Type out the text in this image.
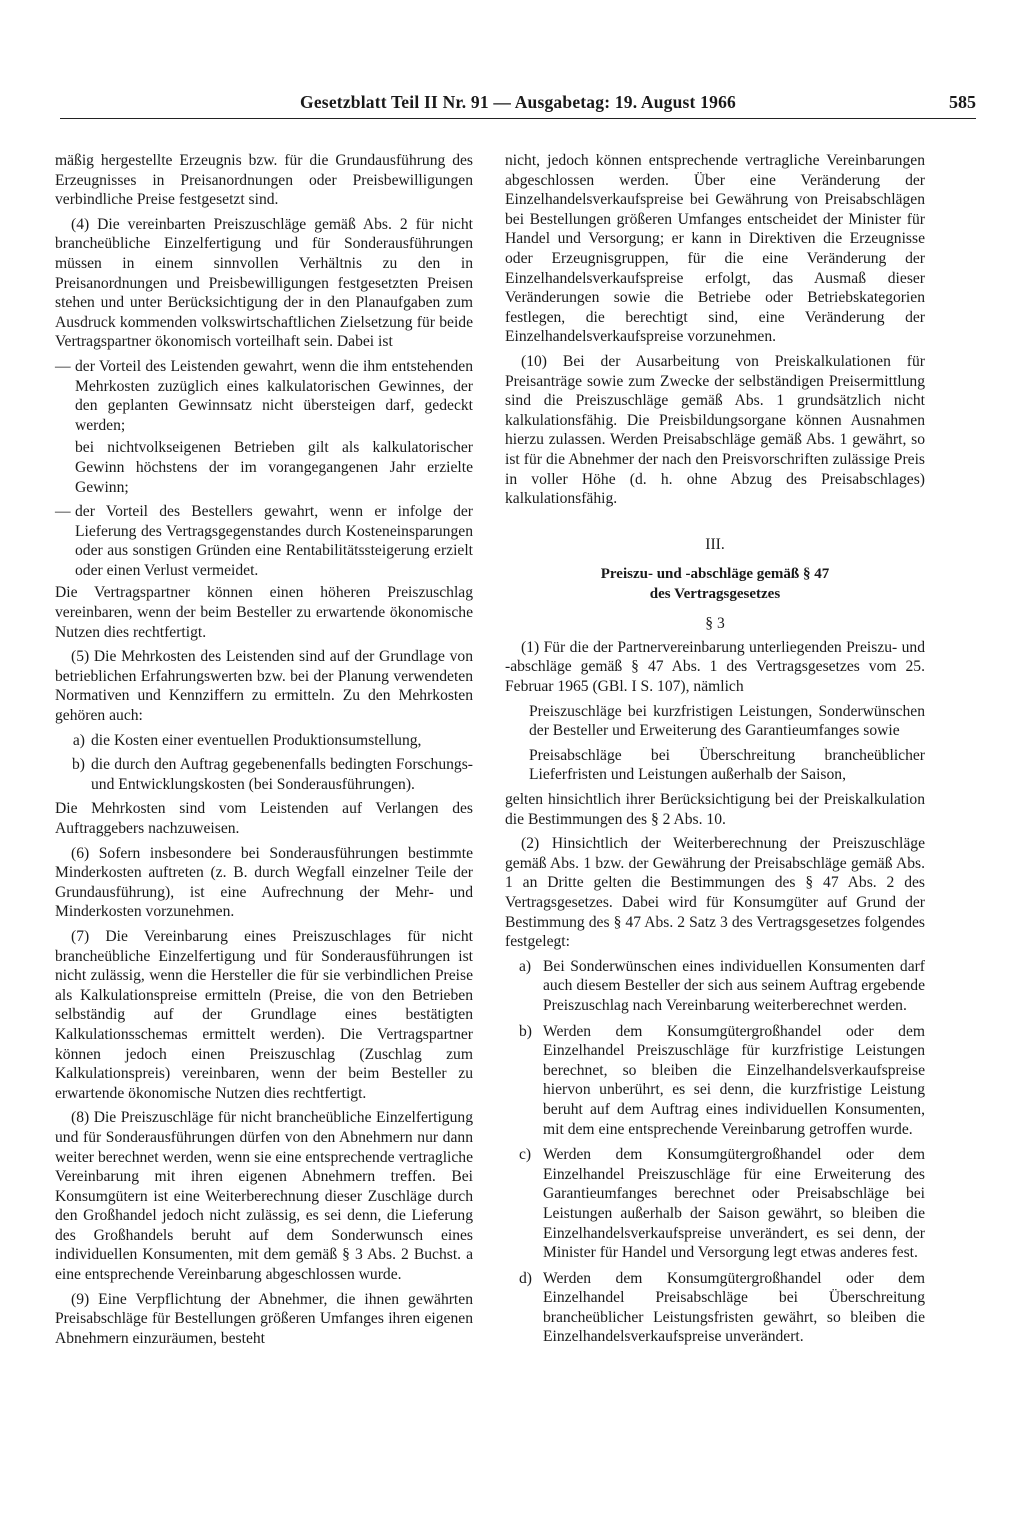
Gesetzblatt Teil II Nr. 91 — Ausgabetag: 19. August 1966	585

mäßig hergestellte Erzeugnis bzw. für die Grundausführung des Erzeugnisses in Preisanordnungen oder Preisbewilligungen verbindliche Preise festgesetzt sind.

(4) Die vereinbarten Preiszuschläge gemäß Abs. 2 für nicht brancheübliche Einzelfertigung und für Sonderausführungen müssen in einem sinnvollen Verhältnis zu den in Preisanordnungen und Preisbewilligungen festgesetzten Preisen stehen und unter Berücksichtigung der in den Planaufgaben zum Ausdruck kommenden volkswirtschaftlichen Zielsetzung für beide Vertragspartner ökonomisch vorteilhaft sein. Dabei ist

— der Vorteil des Leistenden gewahrt, wenn die ihm entstehenden Mehrkosten zuzüglich eines kalkulatorischen Gewinnes, der den geplanten Gewinnsatz nicht übersteigen darf, gedeckt werden;

bei nichtvolkseigenen Betrieben gilt als kalkulatorischer Gewinn höchstens der im vorangegangenen Jahr erzielte Gewinn;

— der Vorteil des Bestellers gewahrt, wenn er infolge der Lieferung des Vertragsgegenstandes durch Kosteneinsparungen oder aus sonstigen Gründen eine Rentabilitätssteigerung erzielt oder einen Verlust vermeidet.

Die Vertragspartner können einen höheren Preiszuschlag vereinbaren, wenn der beim Besteller zu erwartende ökonomische Nutzen dies rechtfertigt.

(5) Die Mehrkosten des Leistenden sind auf der Grundlage von betrieblichen Erfahrungswerten bzw. bei der Planung verwendeten Normativen und Kennziffern zu ermitteln. Zu den Mehrkosten gehören auch:

a) die Kosten einer eventuellen Produktionsumstellung,
b) die durch den Auftrag gegebenenfalls bedingten Forschungs- und Entwicklungskosten (bei Sonderausführungen).

Die Mehrkosten sind vom Leistenden auf Verlangen des Auftraggebers nachzuweisen.

(6) Sofern insbesondere bei Sonderausführungen bestimmte Minderkosten auftreten (z. B. durch Wegfall einzelner Teile der Grundausführung), ist eine Aufrechnung der Mehr- und Minderkosten vorzunehmen.

(7) Die Vereinbarung eines Preiszuschlages für nicht brancheübliche Einzelfertigung und für Sonderausführungen ist nicht zulässig, wenn die Hersteller die für sie verbindlichen Preise als Kalkulationspreise ermitteln (Preise, die von den Betrieben selbständig auf der Grundlage eines bestätigten Kalkulationsschemas ermittelt werden). Die Vertragspartner können jedoch einen Preiszuschlag (Zuschlag zum Kalkulationspreis) vereinbaren, wenn der beim Besteller zu erwartende ökonomische Nutzen dies rechtfertigt.

(8) Die Preiszuschläge für nicht brancheübliche Einzelfertigung und für Sonderausführungen dürfen von den Abnehmern nur dann weiter berechnet werden, wenn sie eine entsprechende vertragliche Vereinbarung mit ihren eigenen Abnehmern treffen. Bei Konsumgütern ist eine Weiterberechnung dieser Zuschläge durch den Großhandel jedoch nicht zulässig, es sei denn, die Lieferung des Großhandels beruht auf dem Sonderwunsch eines individuellen Konsumenten, mit dem gemäß § 3 Abs. 2 Buchst. a eine entsprechende Vereinbarung abgeschlossen wurde.

(9) Eine Verpflichtung der Abnehmer, die ihnen gewährten Preisabschläge für Bestellungen größeren Umfanges ihren eigenen Abnehmern einzuräumen, besteht

nicht, jedoch können entsprechende vertragliche Vereinbarungen abgeschlossen werden. Über eine Veränderung der Einzelhandelsverkaufspreise bei Gewährung von Preisabschlägen bei Bestellungen größeren Umfanges entscheidet der Minister für Handel und Versorgung; er kann in Direktiven die Erzeugnisse oder Erzeugnisgruppen, für die eine Veränderung der Einzelhandelsverkaufspreise erfolgt, das Ausmaß dieser Veränderungen sowie die Betriebe oder Betriebskategorien festlegen, die berechtigt sind, eine Veränderung der Einzelhandelsverkaufspreise vorzunehmen.

(10) Bei der Ausarbeitung von Preiskalkulationen für Preisanträge sowie zum Zwecke der selbständigen Preisermittlung sind die Preiszuschläge gemäß Abs. 1 grundsätzlich nicht kalkulationsfähig. Die Preisbildungsorgane können Ausnahmen hierzu zulassen. Werden Preisabschläge gemäß Abs. 1 gewährt, so ist für die Abnehmer der nach den Preisvorschriften zulässige Preis in voller Höhe (d. h. ohne Abzug des Preisabschlages) kalkulationsfähig.

III.
Preiszu- und -abschläge gemäß § 47
des Vertragsgesetzes
§ 3

(1) Für die der Partnervereinbarung unterliegenden Preiszu- und -abschläge gemäß § 47 Abs. 1 des Vertragsgesetzes vom 25. Februar 1965 (GBl. I S. 107), nämlich

Preiszuschläge bei kurzfristigen Leistungen, Sonderwünschen der Besteller und Erweiterung des Garantieumfanges sowie

Preisabschläge bei Überschreitung brancheüblicher Lieferfristen und Leistungen außerhalb der Saison,

gelten hinsichtlich ihrer Berücksichtigung bei der Preiskalkulation die Bestimmungen des § 2 Abs. 10.

(2) Hinsichtlich der Weiterberechnung der Preiszuschläge gemäß Abs. 1 bzw. der Gewährung der Preisabschläge gemäß Abs. 1 an Dritte gelten die Bestimmungen des § 47 Abs. 2 des Vertragsgesetzes. Dabei wird für Konsumgüter auf Grund der Bestimmung des § 47 Abs. 2 Satz 3 des Vertragsgesetzes folgendes festgelegt:

a) Bei Sonderwünschen eines individuellen Konsumenten darf auch diesem Besteller der sich aus seinem Auftrag ergebende Preiszuschlag nach Vereinbarung weiterberechnet werden.
b) Werden dem Konsumgütergroßhandel oder dem Einzelhandel Preiszuschläge für kurzfristige Leistungen berechnet, so bleiben die Einzelhandelsverkaufspreise hiervon unberührt, es sei denn, die kurzfristige Leistung beruht auf dem Auftrag eines individuellen Konsumenten, mit dem eine entsprechende Vereinbarung getroffen wurde.
c) Werden dem Konsumgütergroßhandel oder dem Einzelhandel Preiszuschläge für eine Erweiterung des Garantieumfanges berechnet oder Preisabschläge bei Leistungen außerhalb der Saison gewährt, so bleiben die Einzelhandelsverkaufspreise unverändert, es sei denn, der Minister für Handel und Versorgung legt etwas anderes fest.
d) Werden dem Konsumgütergroßhandel oder dem Einzelhandel Preisabschläge bei Überschreitung brancheüblicher Leistungsfristen gewährt, so bleiben die Einzelhandelsverkaufspreise unverändert.
